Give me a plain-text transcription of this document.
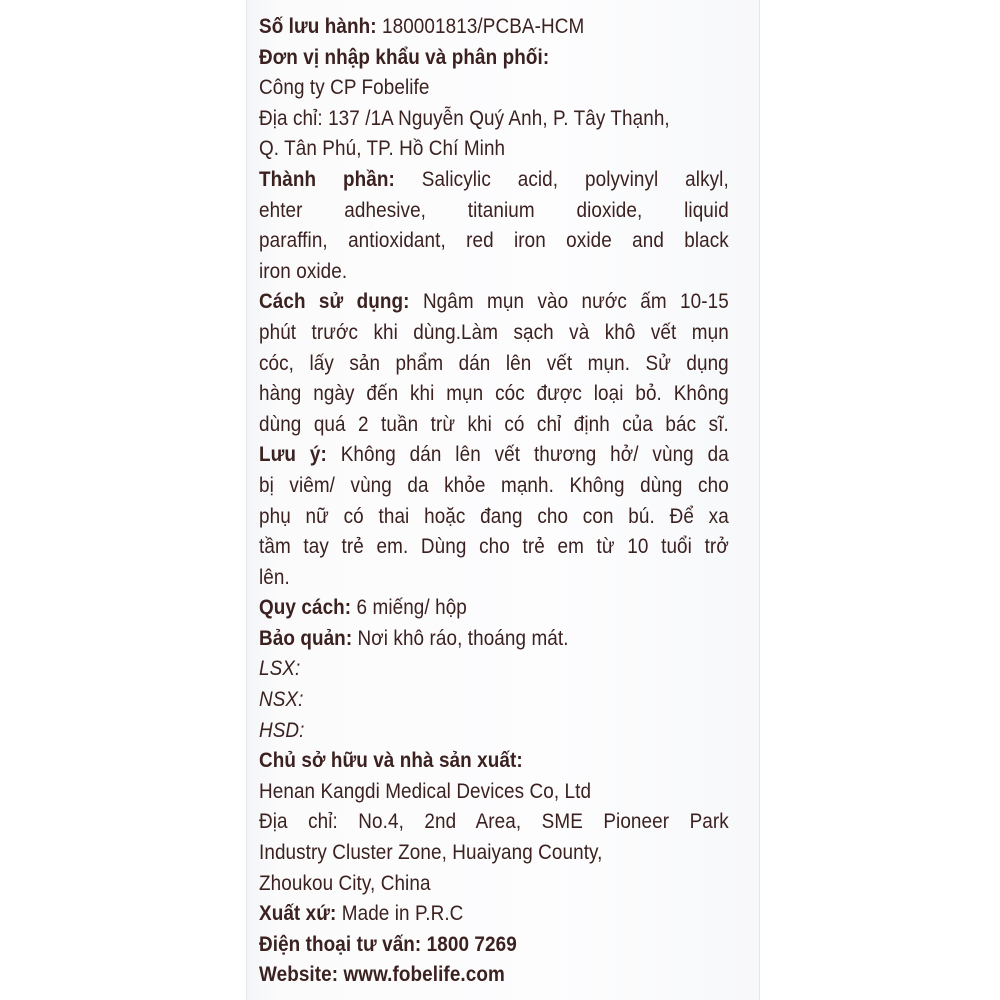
Số lưu hành: 180001813/PCBA-HCM
Đơn vị nhập khẩu và phân phối:
Công ty CP Fobelife
Địa chỉ: 137 /1A Nguyễn Quý Anh, P. Tây Thạnh,
Q. Tân Phú, TP. Hồ Chí Minh
Thành phần: Salicylic acid, polyvinyl alkyl,
ehter adhesive, titanium dioxide, liquid
paraffin, antioxidant, red iron oxide and black
iron oxide.
Cách sử dụng: Ngâm mụn vào nước ấm 10-15
phút trước khi dùng.Làm sạch và khô vết mụn
cóc, lấy sản phẩm dán lên vết mụn. Sử dụng
hàng ngày đến khi mụn cóc được loại bỏ. Không
dùng quá 2 tuần trừ khi có chỉ định của bác sĩ.
Lưu ý: Không dán lên vết thương hở/ vùng da
bị viêm/ vùng da khỏe mạnh. Không dùng cho
phụ nữ có thai hoặc đang cho con bú. Để xa
tầm tay trẻ em. Dùng cho trẻ em từ 10 tuổi trở
lên.
Quy cách: 6 miếng/ hộp
Bảo quản: Nơi khô ráo, thoáng mát.
LSX:
NSX:
HSD:
Chủ sở hữu và nhà sản xuất:
Henan Kangdi Medical Devices Co, Ltd
Địa chỉ: No.4, 2nd Area, SME Pioneer Park
Industry Cluster Zone, Huaiyang County,
Zhoukou City, China
Xuất xứ: Made in P.R.C
Điện thoại tư vấn: 1800 7269
Website: www.fobelife.com
